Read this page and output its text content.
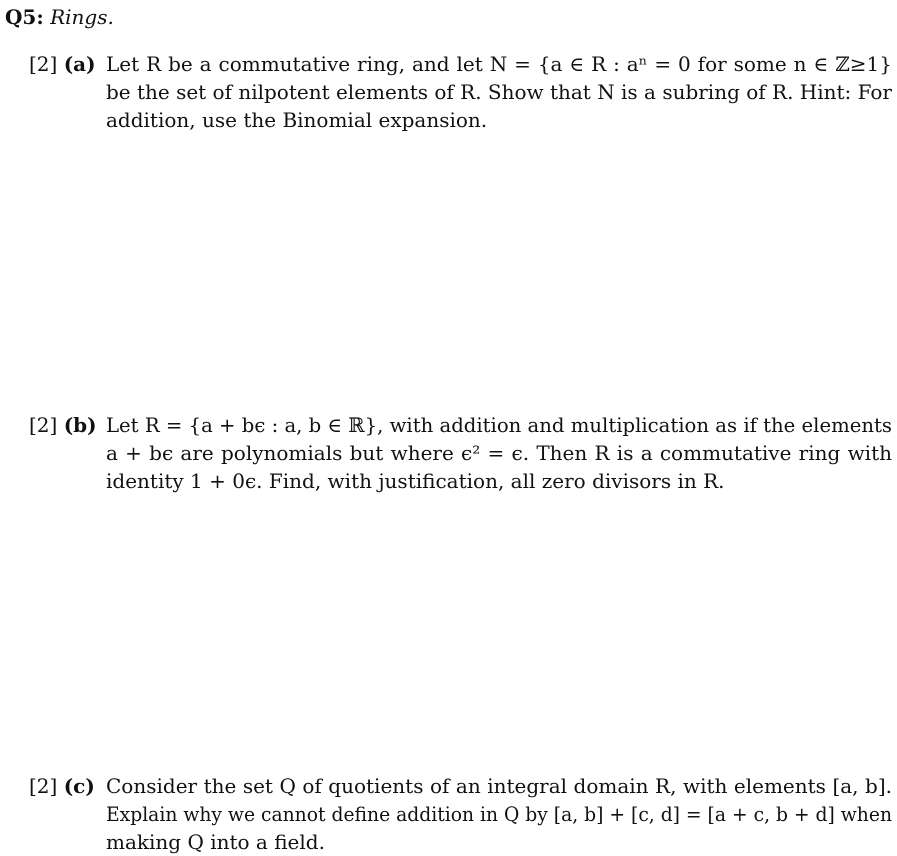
Q5: Rings.
[2] (a) Let R be a commutative ring, and let N = {a ∈ R : aⁿ = 0 for some n ∈ ℤ≥1}
be the set of nilpotent elements of R. Show that N is a subring of R. Hint: For
addition, use the Binomial expansion.
[2] (b) Let R = {a + bϵ : a, b ∈ ℝ}, with addition and multiplication as if the elements
a + bϵ are polynomials but where ϵ² = ϵ. Then R is a commutative ring with
identity 1 + 0ϵ. Find, with justification, all zero divisors in R.
[2] (c) Consider the set Q of quotients of an integral domain R, with elements [a, b].
Explain why we cannot define addition in Q by [a, b] + [c, d] = [a + c, b + d] when
making Q into a field.
